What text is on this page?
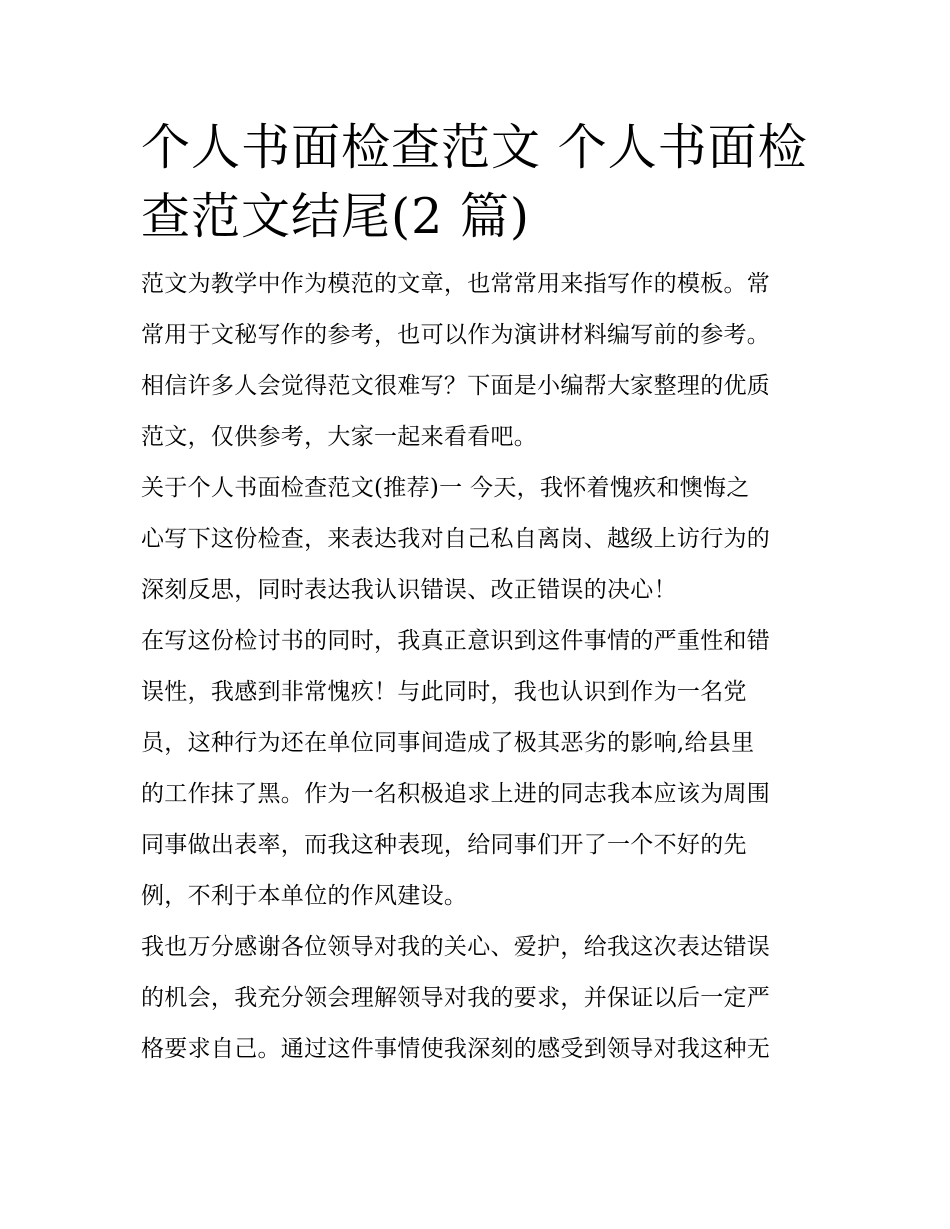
个人书面检查范文 个人书面检
查范文结尾(2 篇)
范文为教学中作为模范的文章，也常常用来指写作的模板。常
常用于文秘写作的参考，也可以作为演讲材料编写前的参考。
相信许多人会觉得范文很难写？下面是小编帮大家整理的优质
范文，仅供参考，大家一起来看看吧。
关于个人书面检查范文(推荐)一 今天，我怀着愧疚和懊悔之
心写下这份检查，来表达我对自己私自离岗、越级上访行为的
深刻反思，同时表达我认识错误、改正错误的决心！
在写这份检讨书的同时，我真正意识到这件事情的严重性和错
误性，我感到非常愧疚！与此同时，我也认识到作为一名党
员，这种行为还在单位同事间造成了极其恶劣的影响,给县里
的工作抹了黑。作为一名积极追求上进的同志我本应该为周围
同事做出表率，而我这种表现，给同事们开了一个不好的先
例，不利于本单位的作风建设。
我也万分感谢各位领导对我的关心、爱护，给我这次表达错误
的机会，我充分领会理解领导对我的要求，并保证以后一定严
格要求自己。通过这件事情使我深刻的感受到领导对我这种无
